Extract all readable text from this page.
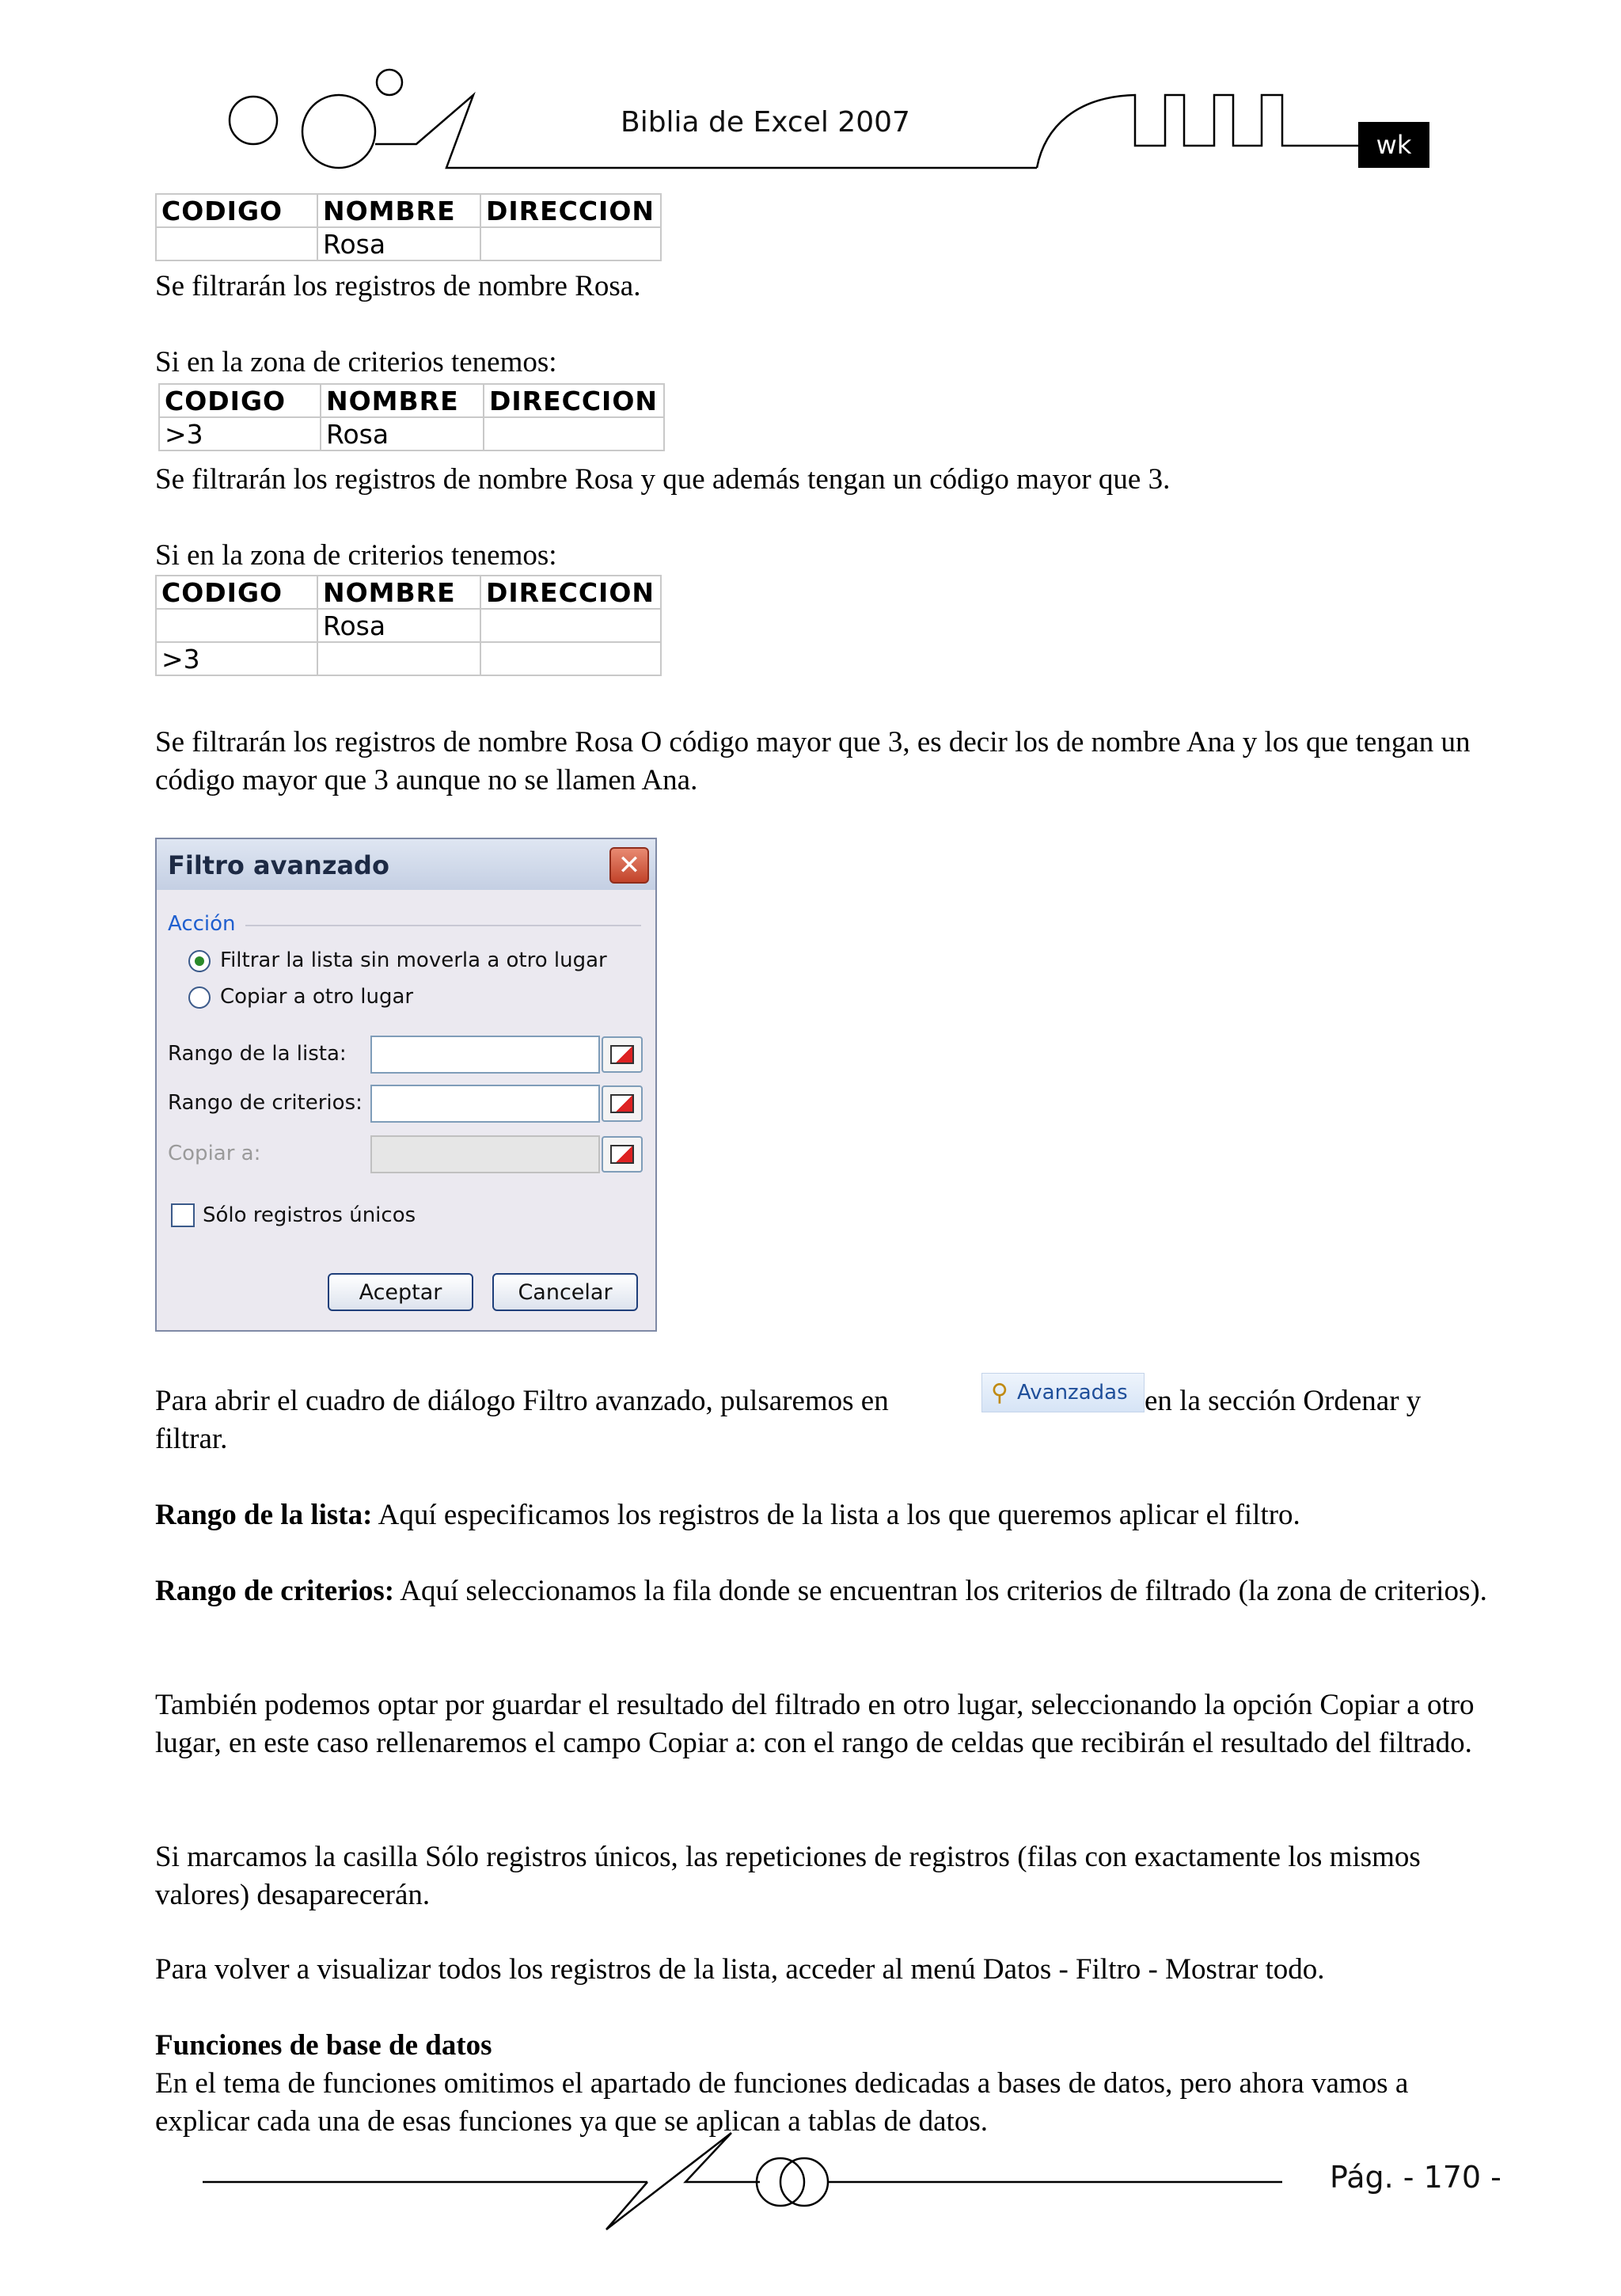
Biblia de Excel 2007
wk
CODIGO	NOMBRE	DIRECCION
	Rosa	

Se filtrarán los registros de nombre Rosa.

Si en la zona de criterios tenemos:

CODIGO	NOMBRE	DIRECCION
>3	Rosa	

Se filtrarán los registros de nombre Rosa y que además tengan un código mayor que 3.

Si en la zona de criterios tenemos:

CODIGO	NOMBRE	DIRECCION
	Rosa	
>3		

Se filtrarán los registros de nombre Rosa O código mayor que 3, es decir los de nombre Ana y los que tengan un código mayor que 3 aunque no se llamen Ana.

Filtro avanzado	✕
Acción
Filtrar la lista sin moverla a otro lugar
Copiar a otro lugar
Rango de la lista:
Rango de criterios:
Copiar a:
Sólo registros únicos
Aceptar	Cancelar

Para abrir el cuadro de diálogo Filtro avanzado, pulsaremos en	⚲ Avanzadas en la sección Ordenar y

filtrar.

Rango de la lista: Aquí especificamos los registros de la lista a los que queremos aplicar el filtro.

Rango de criterios: Aquí seleccionamos la fila donde se encuentran los criterios de filtrado (la zona de criterios).

También podemos optar por guardar el resultado del filtrado en otro lugar, seleccionando la opción Copiar a otro lugar, en este caso rellenaremos el campo Copiar a: con el rango de celdas que recibirán el resultado del filtrado.

Si marcamos la casilla Sólo registros únicos, las repeticiones de registros (filas con exactamente los mismos valores) desaparecerán.

Para volver a visualizar todos los registros de la lista, acceder al menú Datos - Filtro - Mostrar todo.

Funciones de base de datos

En el tema de funciones omitimos el apartado de funciones dedicadas a bases de datos, pero ahora vamos a explicar cada una de esas funciones ya que se aplican a tablas de datos.

Pág. - 170 -
